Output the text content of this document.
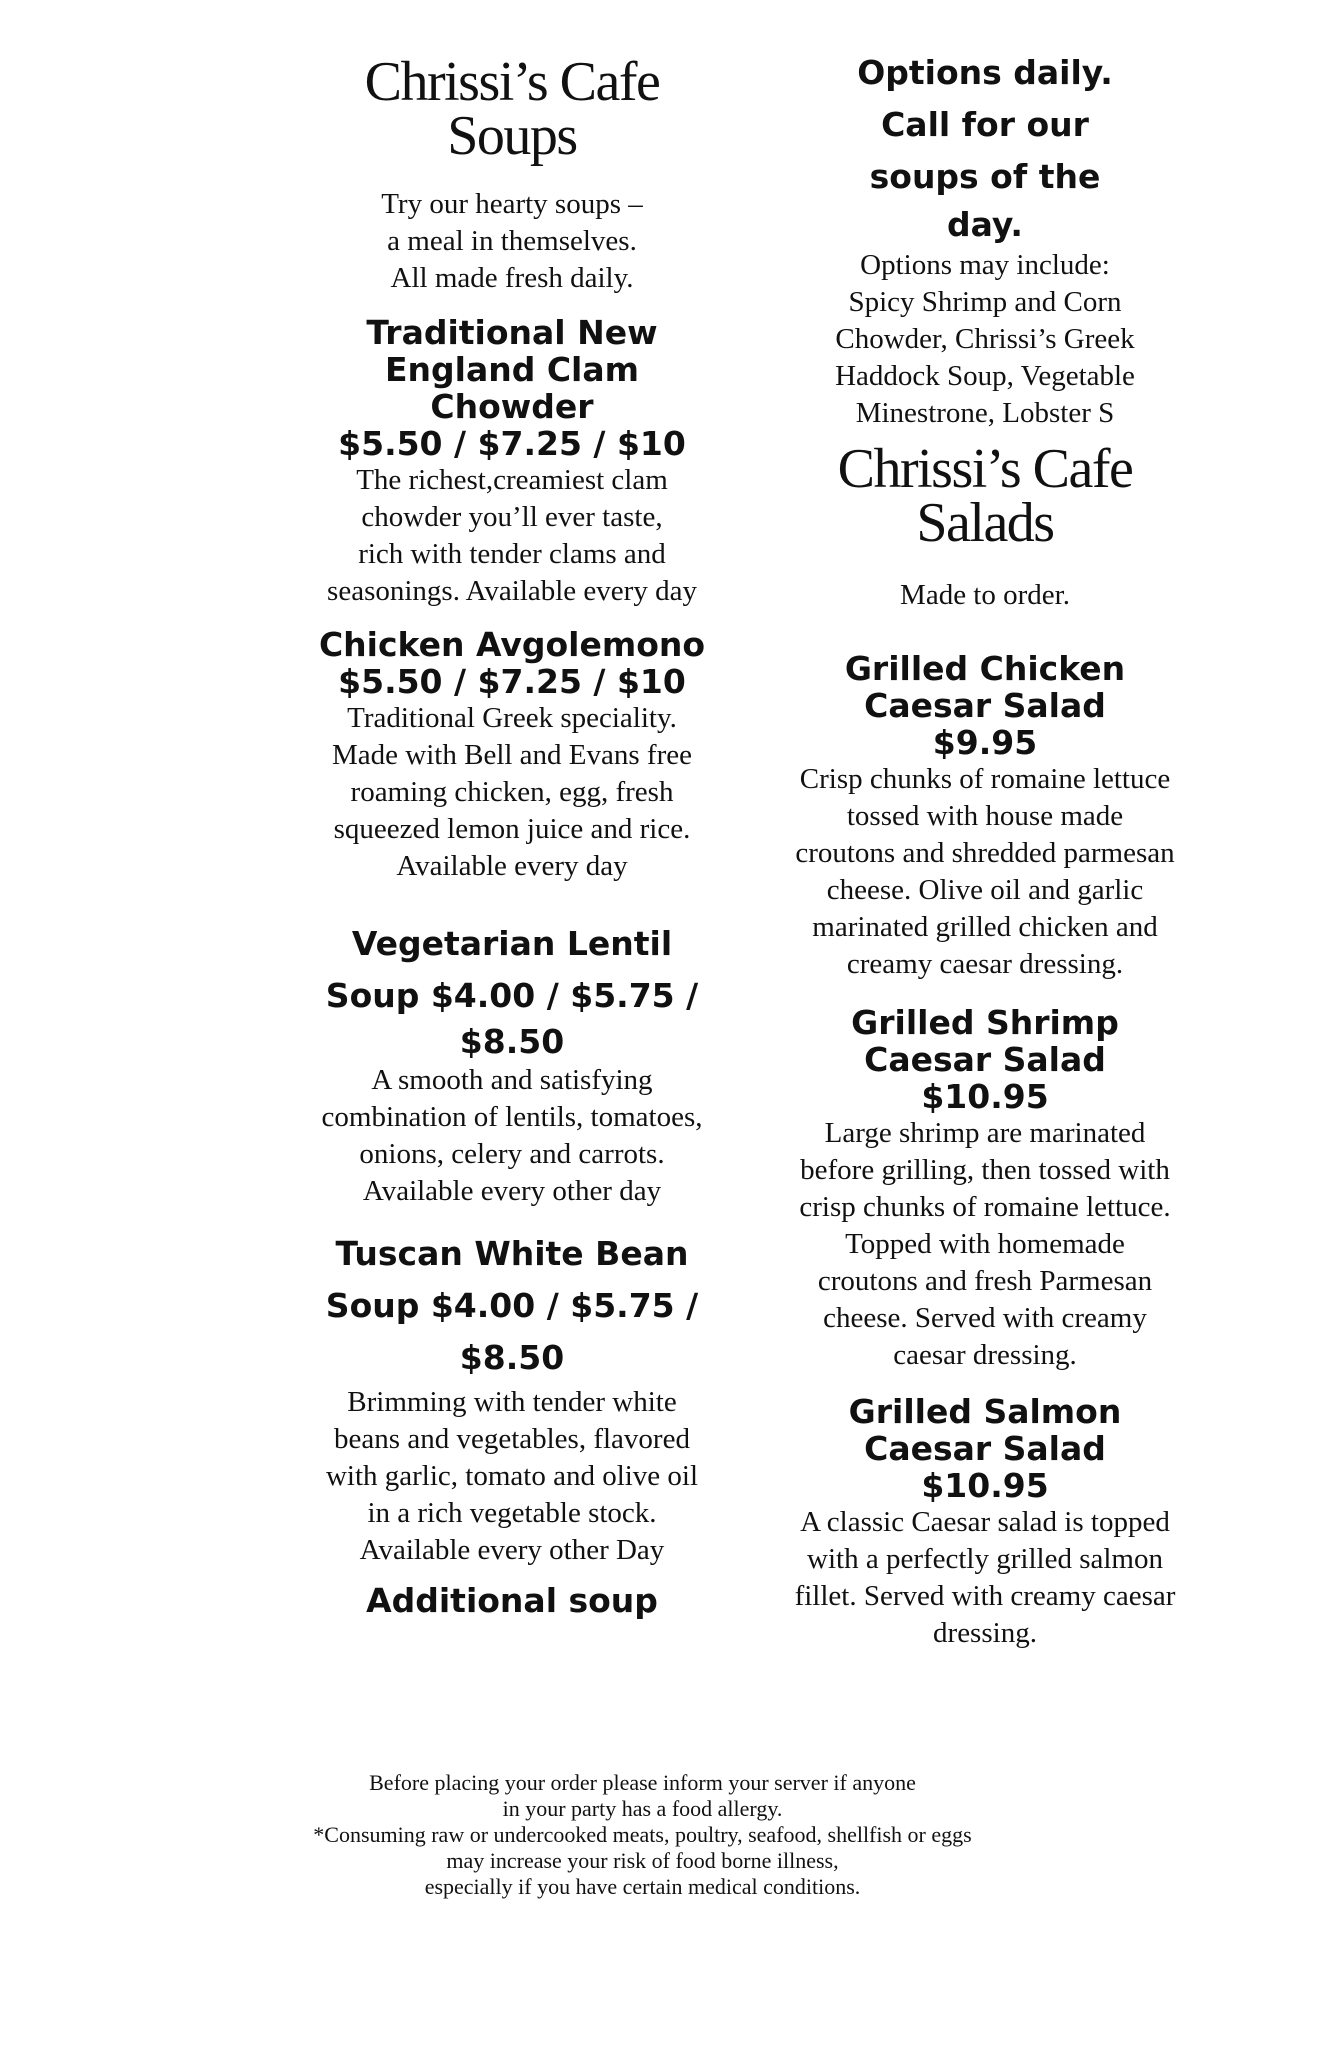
Chrissi’s Cafe

Soups

Try our hearty soups –

a meal in themselves.

All made fresh daily.

Traditional New

England Clam

Chowder

$5.50 / $7.25 / $10

The richest,creamiest clam

chowder you’ll ever taste,

rich with tender clams and

seasonings. Available every day

Chicken Avgolemono

$5.50 / $7.25 / $10

Traditional Greek speciality.

Made with Bell and Evans free

roaming chicken, egg, fresh

squeezed lemon juice and rice.

Available every day

Vegetarian Lentil

Soup $4.00 / $5.75 /

$8.50

A smooth and satisfying

combination of lentils, tomatoes,

onions, celery and carrots.

Available every other day

Tuscan White Bean

Soup $4.00 / $5.75 /

$8.50

Brimming with tender white

beans and vegetables, flavored

with garlic, tomato and olive oil

in a rich vegetable stock.

Available every other Day

Additional soup

Options daily.

Call for our

soups of the

day.

Options may include:

Spicy Shrimp and Corn

Chowder, Chrissi’s Greek

Haddock Soup, Vegetable

Minestrone, Lobster S

Chrissi’s Cafe

Salads

Made to order.

Grilled Chicken

Caesar Salad

$9.95

Crisp chunks of romaine lettuce

tossed with house made

croutons and shredded parmesan

cheese. Olive oil and garlic

marinated grilled chicken and

creamy caesar dressing.

Grilled Shrimp

Caesar Salad

$10.95

Large shrimp are marinated

before grilling, then tossed with

crisp chunks of romaine lettuce.

Topped with homemade

croutons and fresh Parmesan

cheese. Served with creamy

caesar dressing.

Grilled Salmon

Caesar Salad

$10.95

A classic Caesar salad is topped

with a perfectly grilled salmon

fillet. Served with creamy caesar

dressing.

Before placing your order please inform your server if anyone

in your party has a food allergy.

*Consuming raw or undercooked meats, poultry, seafood, shellfish or eggs

may increase your risk of food borne illness,

especially if you have certain medical conditions.
